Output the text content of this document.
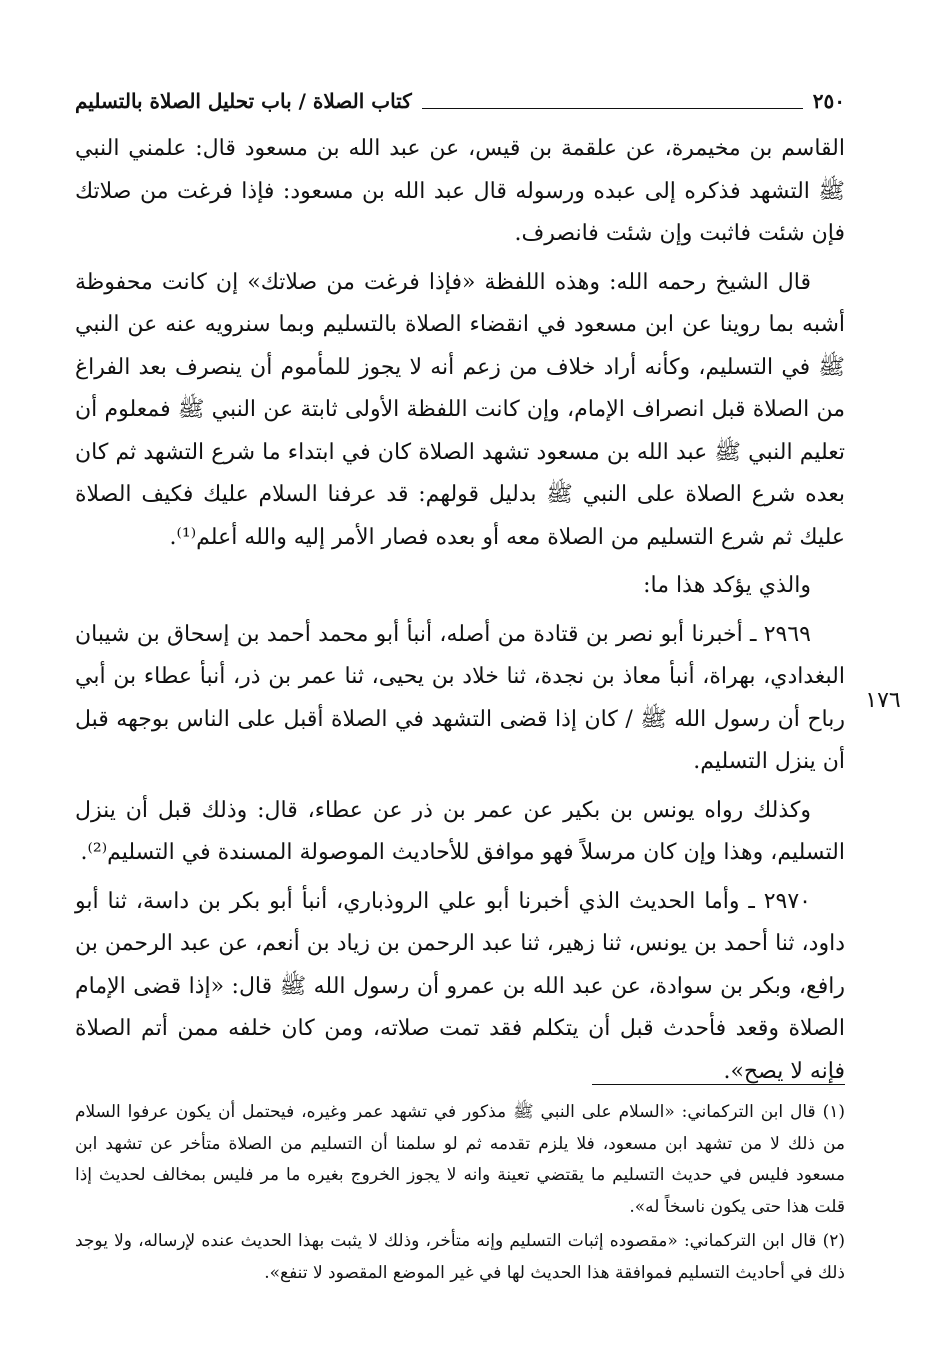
٢٥٠
كتاب الصلاة / باب تحليل الصلاة بالتسليم

القاسم بن مخيمرة، عن علقمة بن قيس، عن عبد الله بن مسعود قال: علمني النبي ﷺ التشهد فذكره إلى عبده ورسوله قال عبد الله بن مسعود: فإذا فرغت من صلاتك فإن شئت فاثبت وإن شئت فانصرف.

قال الشيخ رحمه الله: وهذه اللفظة «فإذا فرغت من صلاتك» إن كانت محفوظة أشبه بما روينا عن ابن مسعود في انقضاء الصلاة بالتسليم وبما سنرويه عنه عن النبي ﷺ في التسليم، وكأنه أراد خلاف من زعم أنه لا يجوز للمأموم أن ينصرف بعد الفراغ من الصلاة قبل انصراف الإمام، وإن كانت اللفظة الأولى ثابتة عن النبي ﷺ فمعلوم أن تعليم النبي ﷺ عبد الله بن مسعود تشهد الصلاة كان في ابتداء ما شرع التشهد ثم كان بعده شرع الصلاة على النبي ﷺ بدليل قولهم: قد عرفنا السلام عليك فكيف الصلاة عليك ثم شرع التسليم من الصلاة معه أو بعده فصار الأمر إليه والله أعلم⁽¹⁾.

والذي يؤكد هذا ما:

٢٩٦٩ ـ أخبرنا أبو نصر بن قتادة من أصله، أنبأ أبو محمد أحمد بن إسحاق بن شيبان البغدادي، بهراة، أنبأ معاذ بن نجدة، ثنا خلاد بن يحيى، ثنا عمر بن ذر، أنبأ عطاء بن أبي رباح أن رسول الله ﷺ / كان إذا قضى التشهد في الصلاة أقبل على الناس بوجهه قبل أن ينزل التسليم.

وكذلك رواه يونس بن بكير عن عمر بن ذر عن عطاء، قال: وذلك قبل أن ينزل التسليم، وهذا وإن كان مرسلاً فهو موافق للأحاديث الموصولة المسندة في التسليم⁽²⁾.

٢٩٧٠ ـ وأما الحديث الذي أخبرنا أبو علي الروذباري، أنبأ أبو بكر بن داسة، ثنا أبو داود، ثنا أحمد بن يونس، ثنا زهير، ثنا عبد الرحمن بن زياد بن أنعم، عن عبد الرحمن بن رافع، وبكر بن سوادة، عن عبد الله بن عمرو أن رسول الله ﷺ قال: «إذا قضى الإمام الصلاة وقعد فأحدث قبل أن يتكلم فقد تمت صلاته، ومن كان خلفه ممن أتم الصلاة فإنه لا يصح».

١٧٦

(١) قال ابن التركماني: «السلام على النبي ﷺ مذكور في تشهد عمر وغيره، فيحتمل أن يكون عرفوا السلام من ذلك لا من تشهد ابن مسعود، فلا يلزم تقدمه ثم لو سلمنا أن التسليم من الصلاة متأخر عن تشهد ابن مسعود فليس في حديث التسليم ما يقتضي تعينة وانه لا يجوز الخروج بغيره ما مر فليس بمخالف لحديث إذا قلت هذا حتى يكون ناسخاً له».

(٢) قال ابن التركماني: «مقصوده إثبات التسليم وإنه متأخر، وذلك لا يثبت بهذا الحديث عنده لإرساله، ولا يوجد ذلك في أحاديث التسليم فموافقة هذا الحديث لها في غير الموضع المقصود لا تنفع».
